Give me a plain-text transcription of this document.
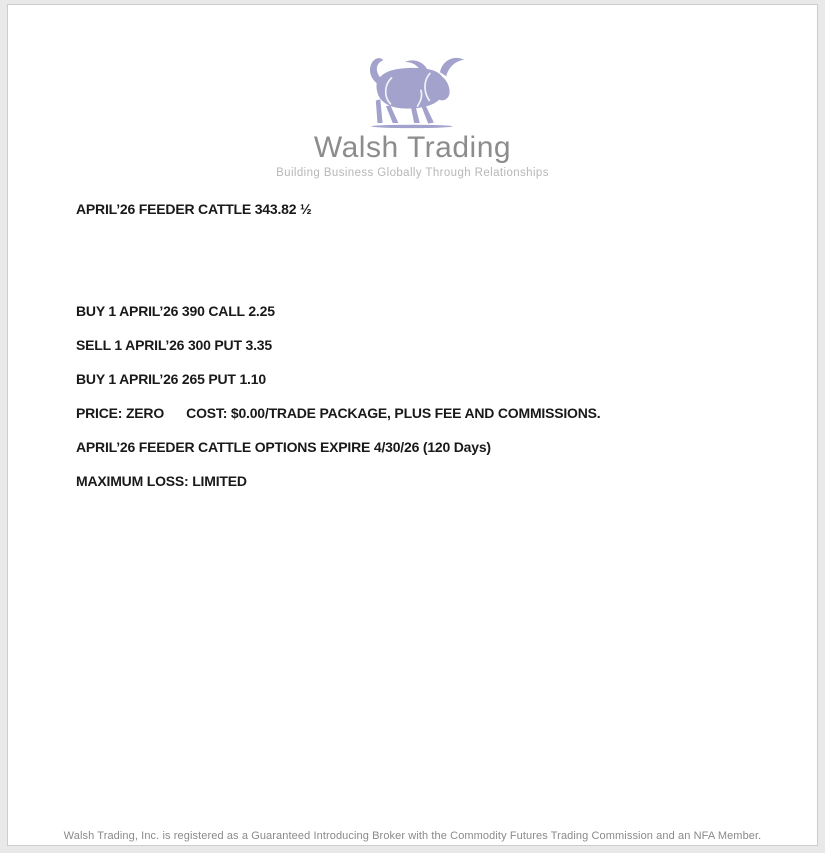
Walsh Trading
Building Business Globally Through Relationships

APRIL’26 FEEDER CATTLE 343.82 ½

BUY 1 APRIL’26 390 CALL 2.25

SELL 1 APRIL’26 300 PUT 3.35

BUY 1 APRIL’26 265 PUT 1.10

PRICE: ZERO      COST: $0.00/TRADE PACKAGE, PLUS FEE AND COMMISSIONS.

APRIL’26 FEEDER CATTLE OPTIONS EXPIRE 4/30/26 (120 Days)

MAXIMUM LOSS: LIMITED

Walsh Trading, Inc. is registered as a Guaranteed Introducing Broker with the Commodity Futures Trading Commission and an NFA Member.
